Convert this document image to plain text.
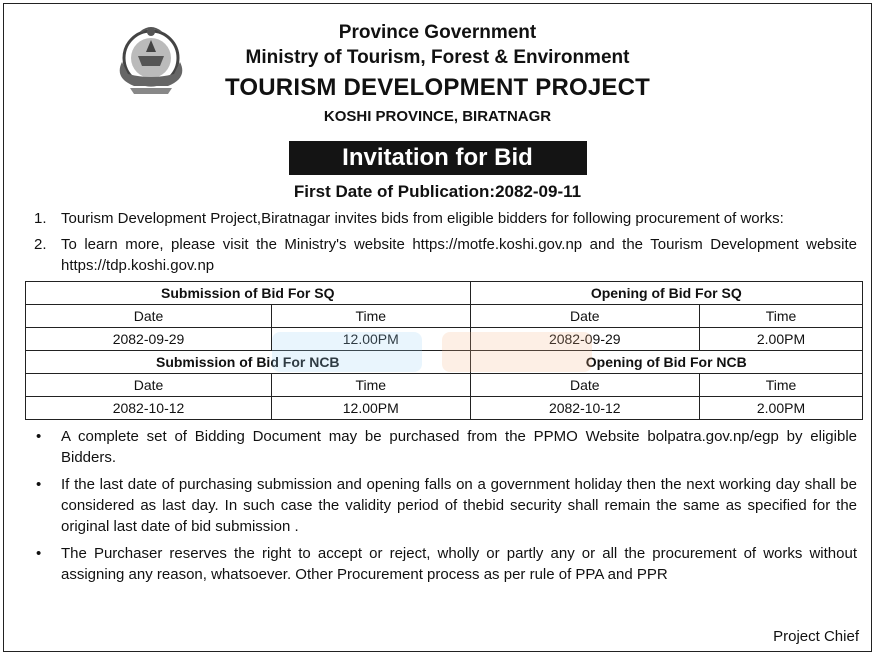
Province Government
Ministry of Tourism, Forest & Environment
TOURISM DEVELOPMENT PROJECT
KOSHI PROVINCE, BIRATNAGR
Invitation for Bid
First Date of Publication:2082-09-11
1. Tourism Development Project,Biratnagar invites bids from eligible bidders for following procurement of works:
2. To learn more, please visit the Ministry's website https://motfe.koshi.gov.np and the Tourism Development website https://tdp.koshi.gov.np
Submission of Bid For SQ		Opening of Bid For SQ	
Date	Time	Date	Time
2082-09-29	12.00PM	2082-09-29	2.00PM
Submission of Bid For NCB		Opening of Bid For NCB	
Date	Time	Date	Time
2082-10-12	12.00PM	2082-10-12	2.00PM
•	A complete set of Bidding Document may be purchased from the PPMO Website bolpatra.gov.np/egp by eligible Bidders.
•	If the last date of purchasing submission and opening falls on a government holiday then the next working day shall be considered as last day. In such case the validity period of thebid security shall remain the same as specified for the original last date of bid submission .
•	The Purchaser reserves the right to accept or reject, wholly or partly any or all the procurement of works without assigning any reason, whatsoever. Other Procurement process as per rule of PPA and PPR
Project Chief
